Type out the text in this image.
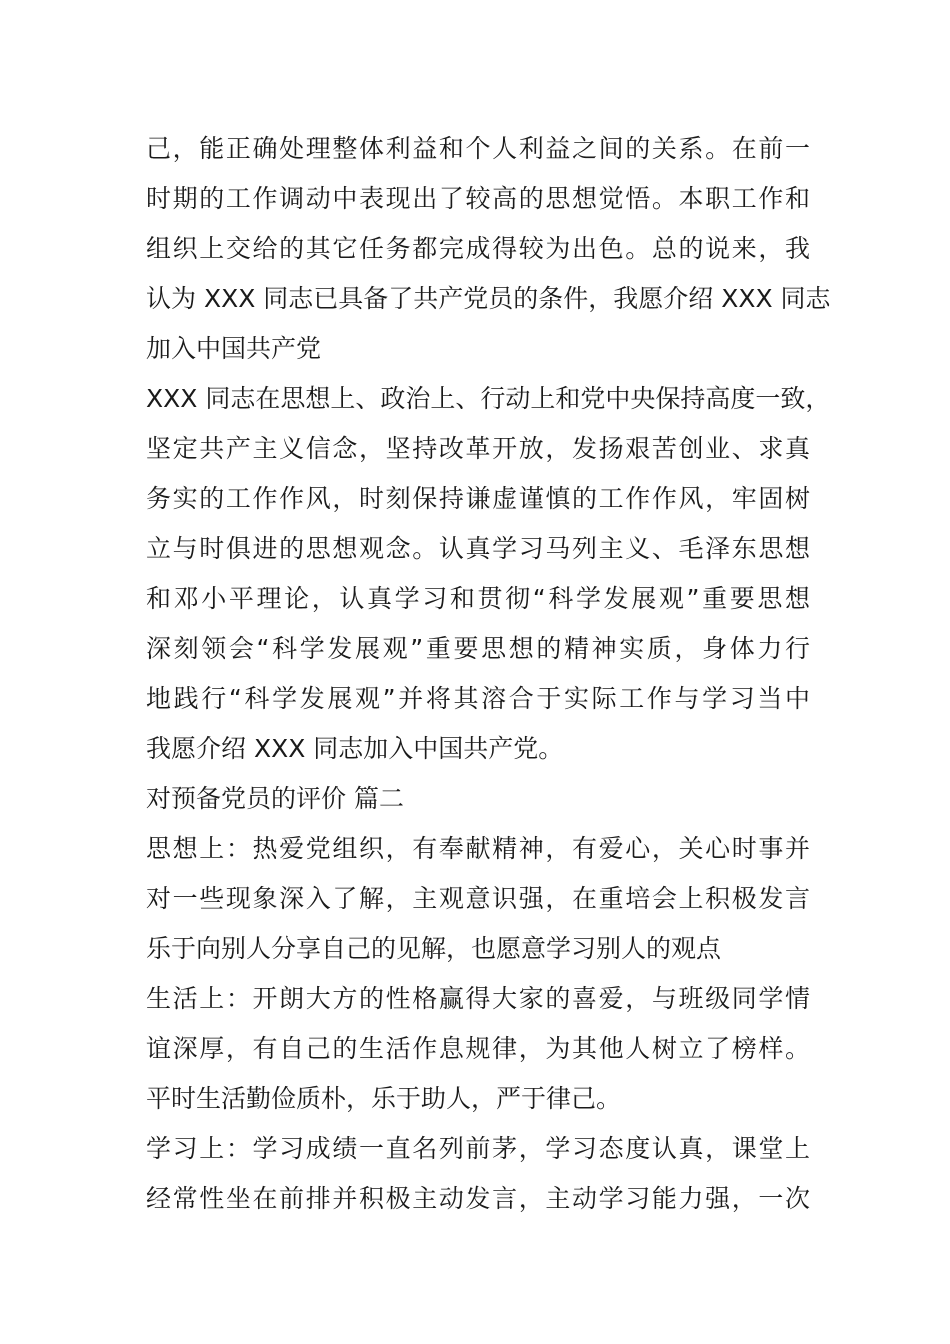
己，能正确处理整体利益和个人利益之间的关系。在前一
时期的工作调动中表现出了较高的思想觉悟。本职工作和
组织上交给的其它任务都完成得较为出色。总的说来，我
认为 XXX 同志已具备了共产党员的条件，我愿介绍 XXX 同志
加入中国共产党
XXX 同志在思想上、政治上、行动上和党中央保持高度一致，
坚定共产主义信念，坚持改革开放，发扬艰苦创业、求真
务实的工作作风，时刻保持谦虚谨慎的工作作风，牢固树
立与时俱进的思想观念。认真学习马列主义、毛泽东思想
和邓小平理论，认真学习和贯彻“科学发展观”重要思想
深刻领会“科学发展观”重要思想的精神实质，身体力行
地践行“科学发展观”并将其溶合于实际工作与学习当中
我愿介绍 XXX 同志加入中国共产党。
对预备党员的评价 篇二
思想上：热爱党组织，有奉献精神，有爱心，关心时事并
对一些现象深入了解，主观意识强，在重培会上积极发言
乐于向别人分享自己的见解，也愿意学习别人的观点
生活上：开朗大方的性格赢得大家的喜爱，与班级同学情
谊深厚，有自己的生活作息规律，为其他人树立了榜样。
平时生活勤俭质朴，乐于助人，严于律己。
学习上：学习成绩一直名列前茅，学习态度认真，课堂上
经常性坐在前排并积极主动发言，主动学习能力强，一次
